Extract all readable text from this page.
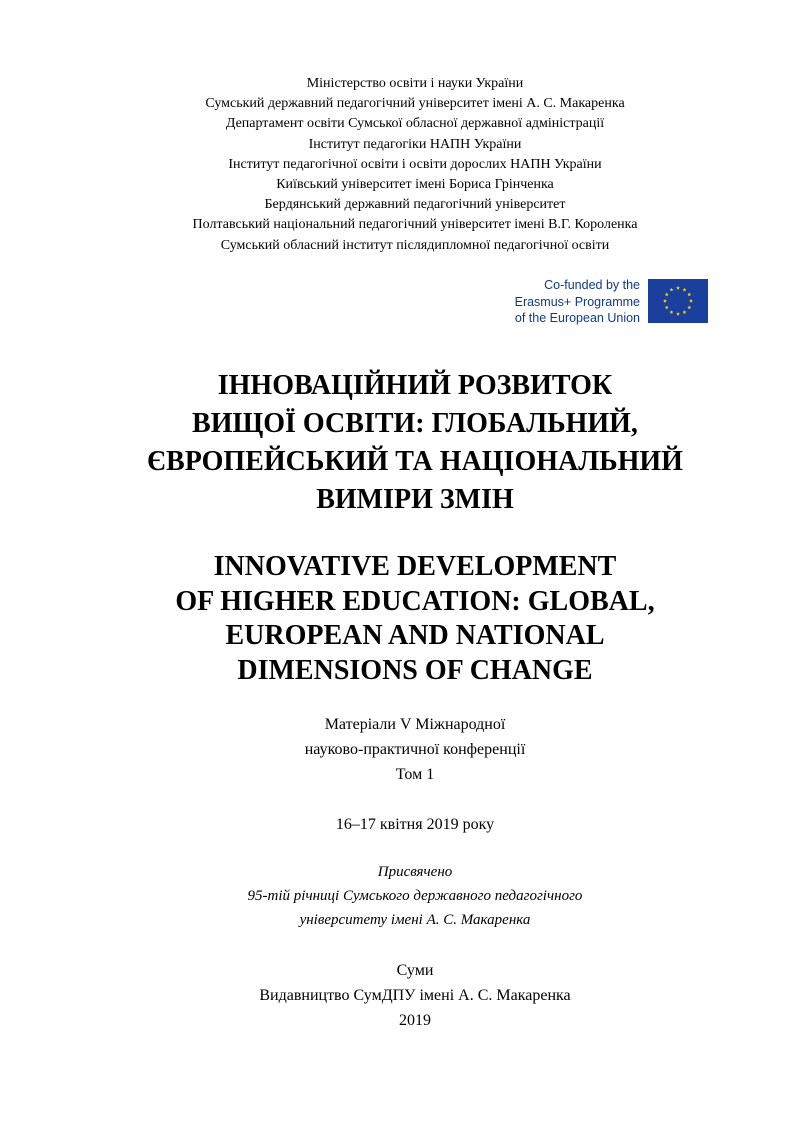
Міністерство освіти і науки України
Сумський державний педагогічний університет імені А. С. Макаренка
Департамент освіти Сумської обласної державної адміністрації
Інститут педагогіки НАПН України
Інститут педагогічної освіти і освіти дорослих НАПН України
Київський університет імені Бориса Грінченка
Бердянський державний педагогічний університет
Полтавський національний педагогічний університет імені В.Г. Короленка
Сумський обласний інститут післядипломної педагогічної освіти
Co-funded by the
Erasmus+ Programme
of the European Union
ІННОВАЦІЙНИЙ РОЗВИТОК
ВИЩОЇ ОСВІТИ: ГЛОБАЛЬНИЙ,
ЄВРОПЕЙСЬКИЙ ТА НАЦІОНАЛЬНИЙ
ВИМІРИ ЗМІН
INNOVATIVE DEVELOPMENT
OF HIGHER EDUCATION: GLOBAL,
EUROPEAN AND NATIONAL
DIMENSIONS OF CHANGE
Матеріали V Міжнародної
науково-практичної конференції
Том 1
16–17 квітня 2019 року
Присвячено
95-тій річниці Сумського державного педагогічного
університету імені А. С. Макаренка
Суми
Видавництво СумДПУ імені А. С. Макаренка
2019
